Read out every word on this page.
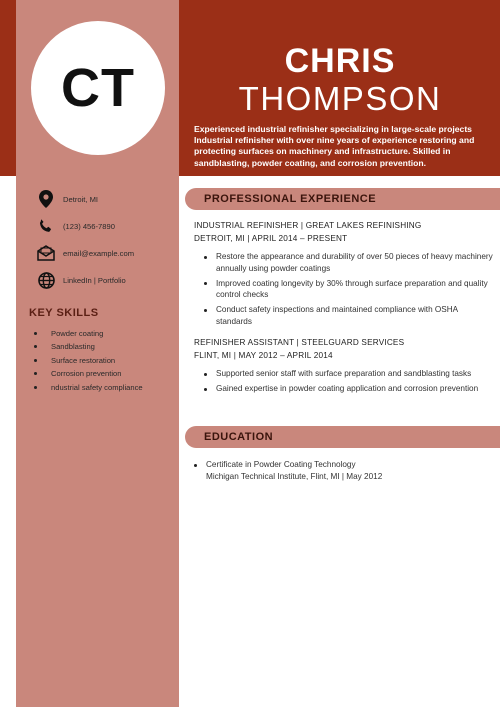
CT	CHRIS
THOMPSON
Experienced industrial refinisher specializing in large-scale projects Industrial refinisher with over nine years of experience restoring and protecting surfaces on machinery and infrastructure. Skilled in sandblasting, powder coating, and corrosion prevention.
Detroit, MI
(123) 456-7890
email@example.com
LinkedIn | Portfolio
KEY SKILLS
Powder coating
Sandblasting
Surface restoration
Corrosion prevention
ndustrial safety compliance
PROFESSIONAL EXPERIENCE
INDUSTRIAL REFINISHER | GREAT LAKES REFINISHING
DETROIT, MI | APRIL 2014 – PRESENT
Restore the appearance and durability of over 50 pieces of heavy machinery annually using powder coatings
Improved coating longevity by 30% through surface preparation and quality control checks
Conduct safety inspections and maintained compliance with OSHA standards
REFINISHER ASSISTANT | STEELGUARD SERVICES
FLINT, MI | MAY 2012 – APRIL 2014
Supported senior staff with surface preparation and sandblasting tasks
Gained expertise in powder coating application and corrosion prevention
EDUCATION
Certificate in Powder Coating Technology
Michigan Technical Institute, Flint, MI | May 2012
